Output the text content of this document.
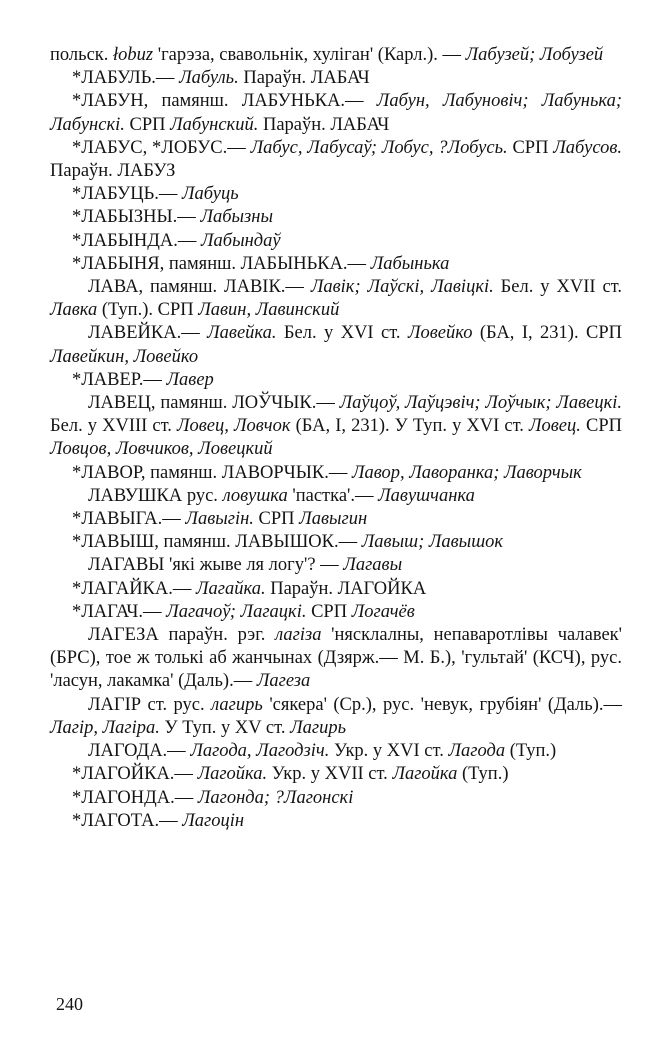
польск. łobuz 'гарэза, свавольнік, хуліган' (Карл.). — Лабузей; Лобузей

*ЛАБУЛЬ.— Лабуль. Параўн. ЛАБАЧ

*ЛАБУН, памянш. ЛАБУНЬКА.— Лабун, Лабуновіч; Лабунька; Лабунскі. СРП Лабунский. Параўн. ЛАБАЧ

*ЛАБУС, *ЛОБУС.— Лабус, Лабусаў; Лобус, ?Лобусь. СРП Лабусов. Параўн. ЛАБУЗ

*ЛАБУЦЬ.— Лабуць

*ЛАБЫЗНЫ.— Лабызны

*ЛАБЫНДА.— Лабындаў

*ЛАБЫНЯ, памянш. ЛАБЫНЬКА.— Лабынька

ЛАВА, памянш. ЛАВІК.— Лавік; Лаўскі, Лавіцкі. Бел. у XVII ст. Лавка (Туп.). СРП Лавин, Лавинский

ЛАВЕЙКА.— Лавейка. Бел. у XVI ст. Ловейко (БА, I, 231). СРП Лавейкин, Ловейко

*ЛАВЕР.— Лавер

ЛАВЕЦ, памянш. ЛОЎЧЫК.— Лаўцоў, Лаўцэвіч; Лоўчык; Лавецкі. Бел. у XVIII ст. Ловец, Ловчок (БА, I, 231). У Туп. у XVI ст. Ловец. СРП Ловцов, Ловчиков, Ловецкий

*ЛАВОР, памянш. ЛАВОРЧЫК.— Лавор, Лаворанка; Лаворчык

ЛАВУШКА рус. ловушка 'пастка'.— Лавушчанка

*ЛАВЫГА.— Лавыгін. СРП Лавыгин

*ЛАВЫШ, памянш. ЛАВЫШОК.— Лавыш; Лавышок

ЛАГАВЫ 'які жыве ля логу'? — Лагавы

*ЛАГАЙКА.— Лагайка. Параўн. ЛАГОЙКА

*ЛАГАЧ.— Лагачоў; Лагацкі. СРП Логачёв

ЛАГЕЗА параўн. рэг. лагіза 'нясклалны, непаваротлівы чалавек' (БРС), тое ж толькі аб жанчынах (Дзярж.— М. Б.), 'гультай' (КСЧ), рус. 'ласун, лакамка' (Даль).— Лагеза

ЛАГІР ст. рус. лагирь 'сякера' (Ср.), рус. 'невук, грубіян' (Даль).— Лагір, Лагіра. У Туп. у XV ст. Лагирь

ЛАГОДА.— Лагода, Лагодзіч. Укр. у XVI ст. Лагода (Туп.)

*ЛАГОЙКА.— Лагойка. Укр. у XVII ст. Лагойка (Туп.)

*ЛАГОНДА.— Лагонда; ?Лагонскі

*ЛАГОТА.— Лагоцін

240
